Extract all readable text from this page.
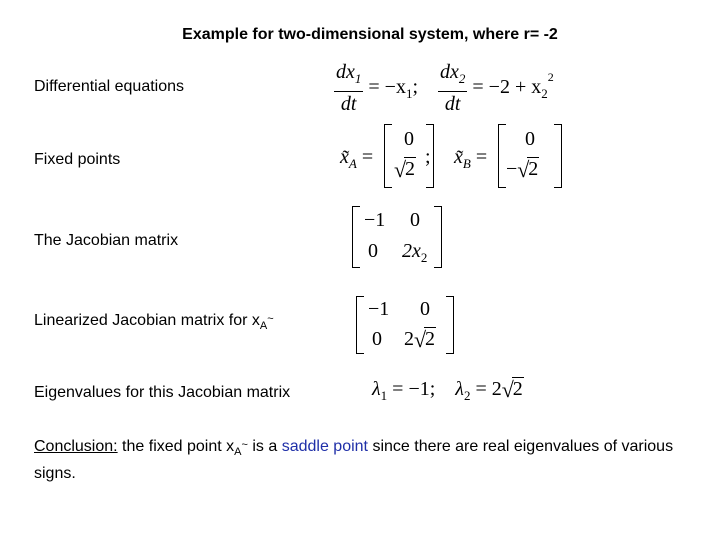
Example for two-dimensional system, where r= -2
Differential equations	$\frac{dx_1}{dt} = -x_1$; $\frac{dx_2}{dt} = -2 + x_2^2$
Fixed points	$x̃_A$ =
0
√
2
; $x̃_B$ =
0
− √
2
The Jacobian matrix
−1 0
0 $2x_2$
Linearized Jacobian matrix for $x_A\sim$	−1 0
0 2 √
2
Eigenvalues for this Jacobian matrix	$\lambda_1 = -1$; $\lambda_2 = 2$ √
2
Conclusion: the fixed point $x_A\sim$ is a saddle point since there are real eigenvalues of various signs.
